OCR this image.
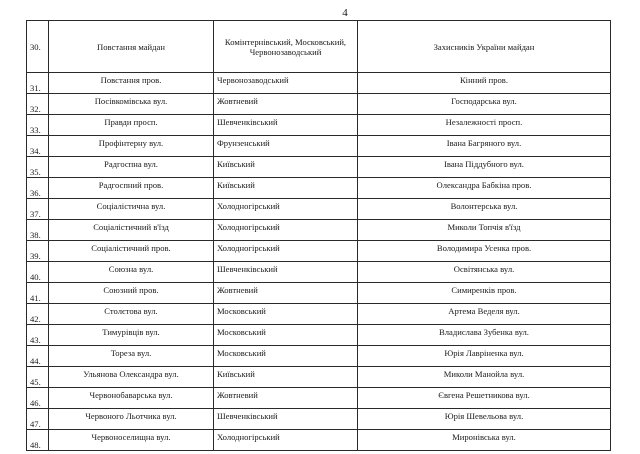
4
30.	Повстання майдан	Комінтернівський, Московський, Червонозаводський	Захисників України майдан
31.	Повстання пров.	Червонозаводський	Кінний пров.
32.	Посівкомівська вул.	Жовтневий	Господарська вул.
33.	Правди просп.	Шевченківський	Незалежності просп.
34.	Профінтерну вул.	Фрунзенський	Івана Багряного вул.
35.	Радгоспна вул.	Київський	Івана Піддубного вул.
36.	Радгоспний пров.	Київський	Олександра Бабкіна пров.
37.	Соціалістична вул.	Холодногірський	Волонтерська вул.
38.	Соціалістичний в'їзд	Холодногірський	Миколи Топчія в'їзд
39.	Соціалістичний пров.	Холодногірський	Володимира Усенка пров.
40.	Союзна вул.	Шевченківський	Освітянська вул.
41.	Союзний пров.	Жовтневий	Симиренків пров.
42.	Столєтова вул.	Московський	Артема Веделя вул.
43.	Тимурівців вул.	Московський	Владислава Зубенка вул.
44.	Тореза вул.	Московський	Юрія Лавріненка вул.
45.	Ульянова Олександра вул.	Київський	Миколи Манойла вул.
46.	Червонобаварська вул.	Жовтневий	Євгена Решетникова вул.
47.	Червоного Льотчика вул.	Шевченківський	Юрія Шевельова вул.
48.	Червоноселищна вул.	Холодногірський	Миронівська вул.
